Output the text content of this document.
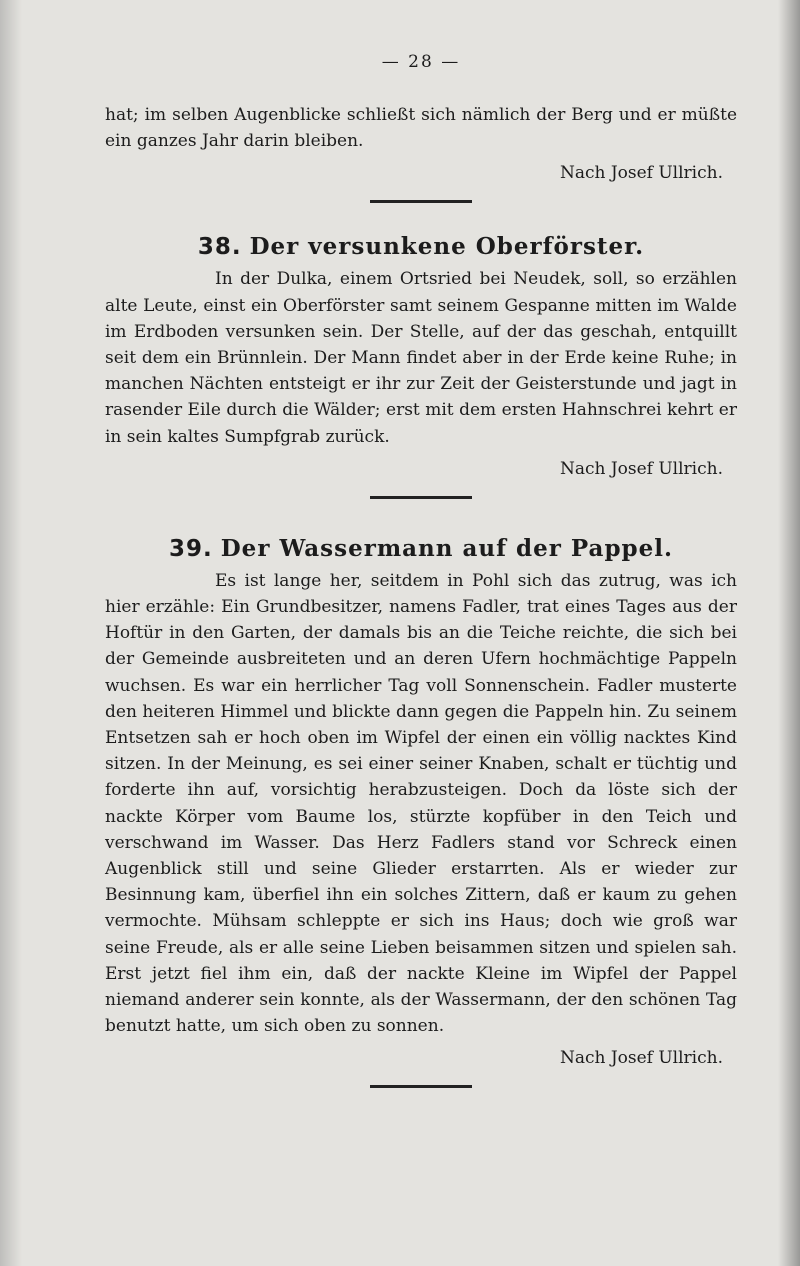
— 28 —

hat; im selben Augenblicke schließt sich nämlich der Berg und er müßte ein ganzes Jahr darin bleiben.

Nach Josef Ullrich.
38. Der versunkene Oberförster.

In der Dulka, einem Ortsried bei Neudek, soll, so erzählen alte Leute, einst ein Oberförster samt seinem Gespanne mitten im Walde im Erdboden versunken sein. Der Stelle, auf der das geschah, entquillt seit dem ein Brünnlein. Der Mann findet aber in der Erde keine Ruhe; in manchen Nächten entsteigt er ihr zur Zeit der Geisterstunde und jagt in rasender Eile durch die Wälder; erst mit dem ersten Hahnschrei kehrt er in sein kaltes Sumpfgrab zurück.

Nach Josef Ullrich.
39. Der Wassermann auf der Pappel.

Es ist lange her, seitdem in Pohl sich das zutrug, was ich hier erzähle: Ein Grundbesitzer, namens Fadler, trat eines Tages aus der Hoftür in den Garten, der damals bis an die Teiche reichte, die sich bei der Gemeinde ausbreiteten und an deren Ufern hochmächtige Pappeln wuchsen. Es war ein herrlicher Tag voll Sonnenschein. Fadler musterte den heiteren Himmel und blickte dann gegen die Pappeln hin. Zu seinem Entsetzen sah er hoch oben im Wipfel der einen ein völlig nacktes Kind sitzen. In der Meinung, es sei einer seiner Knaben, schalt er tüchtig und forderte ihn auf, vorsichtig herabzusteigen. Doch da löste sich der nackte Körper vom Baume los, stürzte kopfüber in den Teich und verschwand im Wasser. Das Herz Fadlers stand vor Schreck einen Augenblick still und seine Glieder erstarrten. Als er wieder zur Besinnung kam, überfiel ihn ein solches Zittern, daß er kaum zu gehen vermochte. Mühsam schleppte er sich ins Haus; doch wie groß war seine Freude, als er alle seine Lieben beisammen sitzen und spielen sah. Erst jetzt fiel ihm ein, daß der nackte Kleine im Wipfel der Pappel niemand anderer sein konnte, als der Wassermann, der den schönen Tag benutzt hatte, um sich oben zu sonnen.

Nach Josef Ullrich.
